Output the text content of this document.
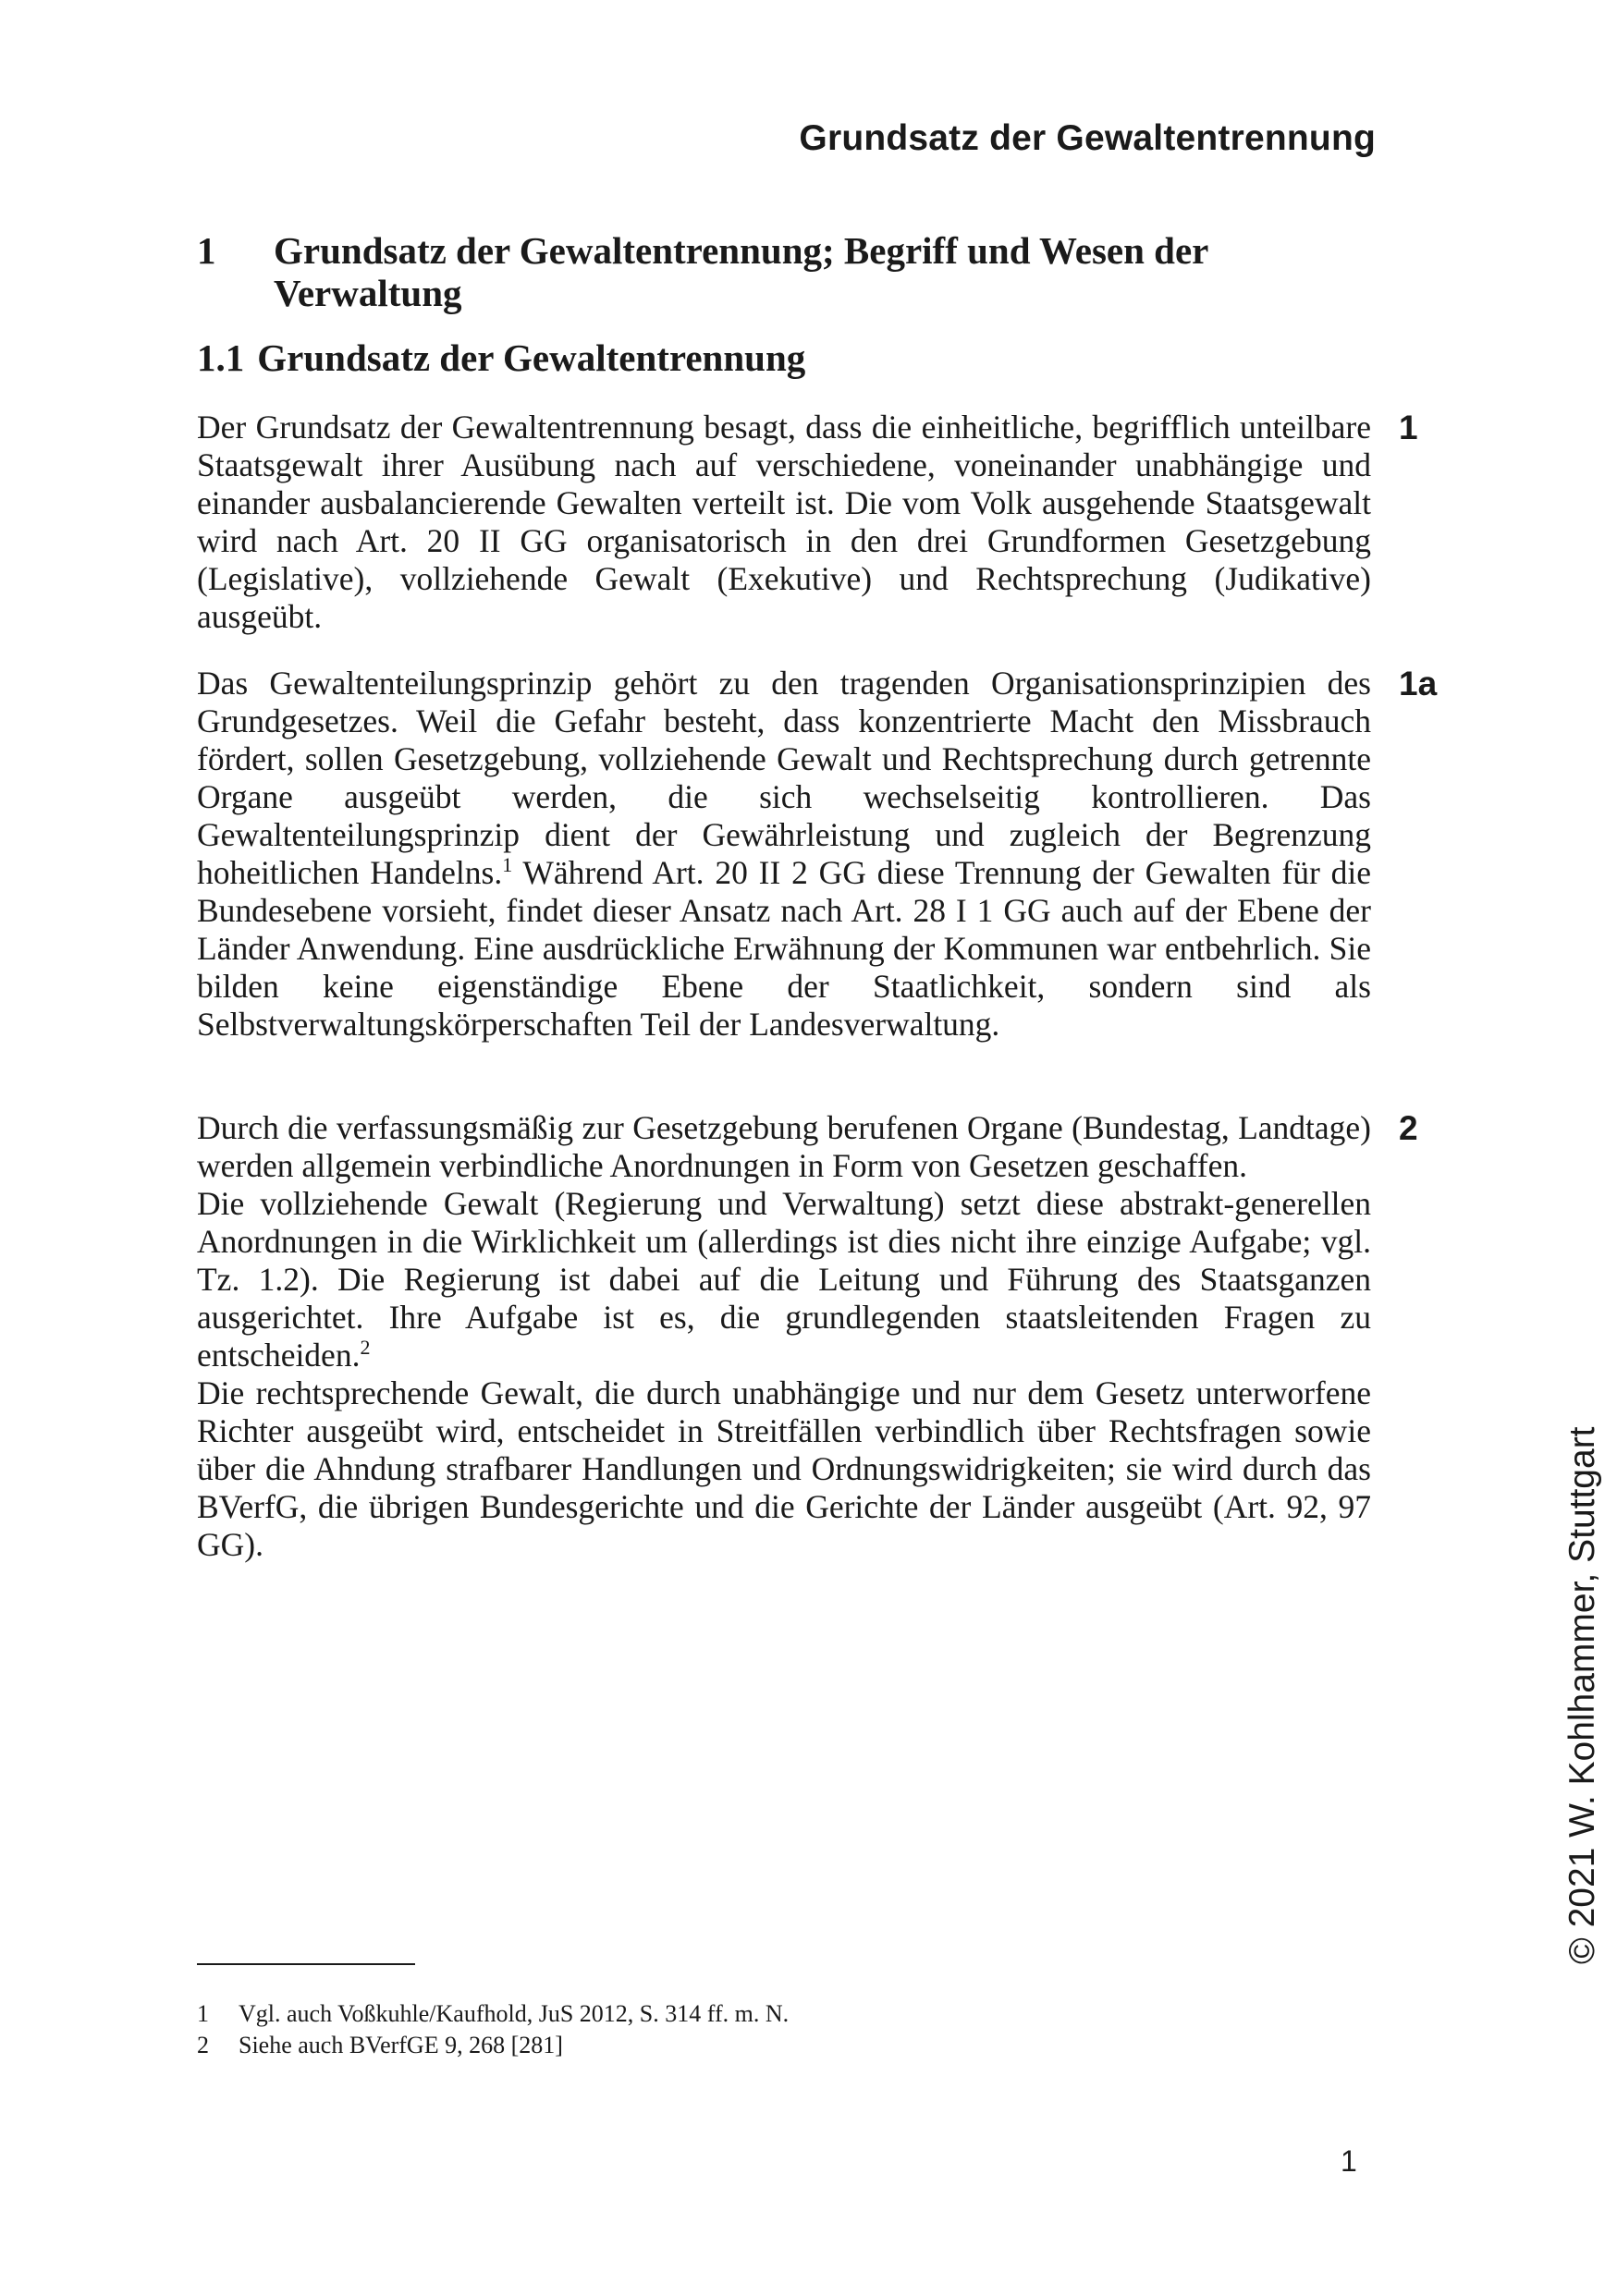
Grundsatz der Gewaltentrennung
1 Grundsatz der Gewaltentrennung; Begriff und Wesen der Verwaltung
1.1 Grundsatz der Gewaltentrennung

Der Grundsatz der Gewaltentrennung besagt, dass die einheitliche, begrifflich unteilbare Staatsgewalt ihrer Ausübung nach auf verschiedene, voneinander unabhängige und einander ausbalancierende Gewalten verteilt ist. Die vom Volk ausgehende Staatsgewalt wird nach Art. 20 II GG organisatorisch in den drei Grundformen Gesetzgebung (Legislative), vollziehende Gewalt (Exekutive) und Rechtsprechung (Judikative) ausgeübt.

1

Das Gewaltenteilungsprinzip gehört zu den tragenden Organisationsprinzipien des Grundgesetzes. Weil die Gefahr besteht, dass konzentrierte Macht den Missbrauch fördert, sollen Gesetzgebung, vollziehende Gewalt und Rechtsprechung durch getrennte Organe ausgeübt werden, die sich wechselseitig kontrollieren. Das Gewaltenteilungsprinzip dient der Gewährleistung und zugleich der Begrenzung hoheitlichen Handelns.$^1$ Während Art. 20 II 2 GG diese Trennung der Gewalten für die Bundesebene vorsieht, findet dieser Ansatz nach Art. 28 I 1 GG auch auf der Ebene der Länder Anwendung. Eine ausdrückliche Erwähnung der Kommunen war entbehrlich. Sie bilden keine eigenständige Ebene der Staatlichkeit, sondern sind als Selbstverwaltungskörperschaften Teil der Landesverwaltung.

1a

Durch die verfassungsmäßig zur Gesetzgebung berufenen Organe (Bundestag, Landtage) werden allgemein verbindliche Anordnungen in Form von Gesetzen geschaffen.

Die vollziehende Gewalt (Regierung und Verwaltung) setzt diese abstrakt-generellen Anordnungen in die Wirklichkeit um (allerdings ist dies nicht ihre einzige Aufgabe; vgl. Tz. 1.2). Die Regierung ist dabei auf die Leitung und Führung des Staatsganzen ausgerichtet. Ihre Aufgabe ist es, die grundlegenden staatsleitenden Fragen zu entscheiden.$^2$

Die rechtsprechende Gewalt, die durch unabhängige und nur dem Gesetz unterworfene Richter ausgeübt wird, entscheidet in Streitfällen verbindlich über Rechtsfragen sowie über die Ahndung strafbarer Handlungen und Ordnungswidrigkeiten; sie wird durch das BVerfG, die übrigen Bundesgerichte und die Gerichte der Länder ausgeübt (Art. 92, 97 GG).

2
1 Vgl. auch Voßkuhle/Kaufhold, JuS 2012, S. 314 ff. m. N.
2 Siehe auch BVerfGE 9, 268 [281]
1
© 2021 W. Kohlhammer, Stuttgart
